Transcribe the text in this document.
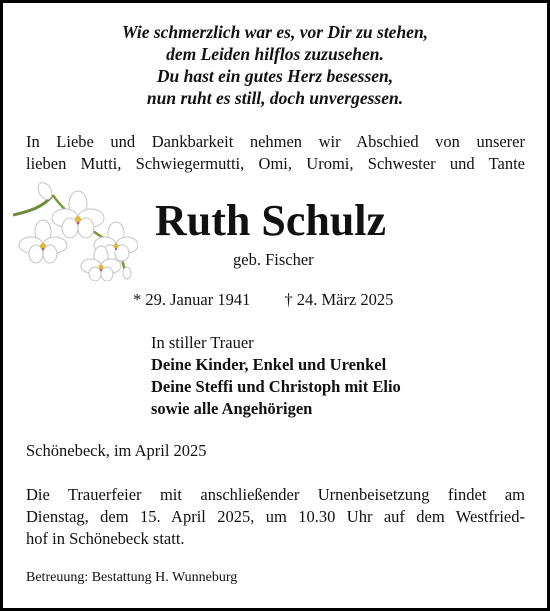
Wie schmerzlich war es, vor Dir zu stehen,
dem Leiden hilflos zuzusehen.
Du hast ein gutes Herz besessen,
nun ruht es still, doch unvergessen.
In Liebe und Dankbarkeit nehmen wir Abschied von unserer
lieben Mutti, Schwiegermutti, Omi, Uromi, Schwester und Tante
Ruth Schulz
geb. Fischer
* 29. Januar 1941 † 24. März 2025
In stiller Trauer
Deine Kinder, Enkel und Urenkel
Deine Steffi und Christoph mit Elio
sowie alle Angehörigen
Schönebeck, im April 2025
Die Trauerfeier mit anschließender Urnenbeisetzung findet am
Dienstag, dem 15. April 2025, um 10.30 Uhr auf dem Westfried-
hof in Schönebeck statt.
Betreuung: Bestattung H. Wunneburg
